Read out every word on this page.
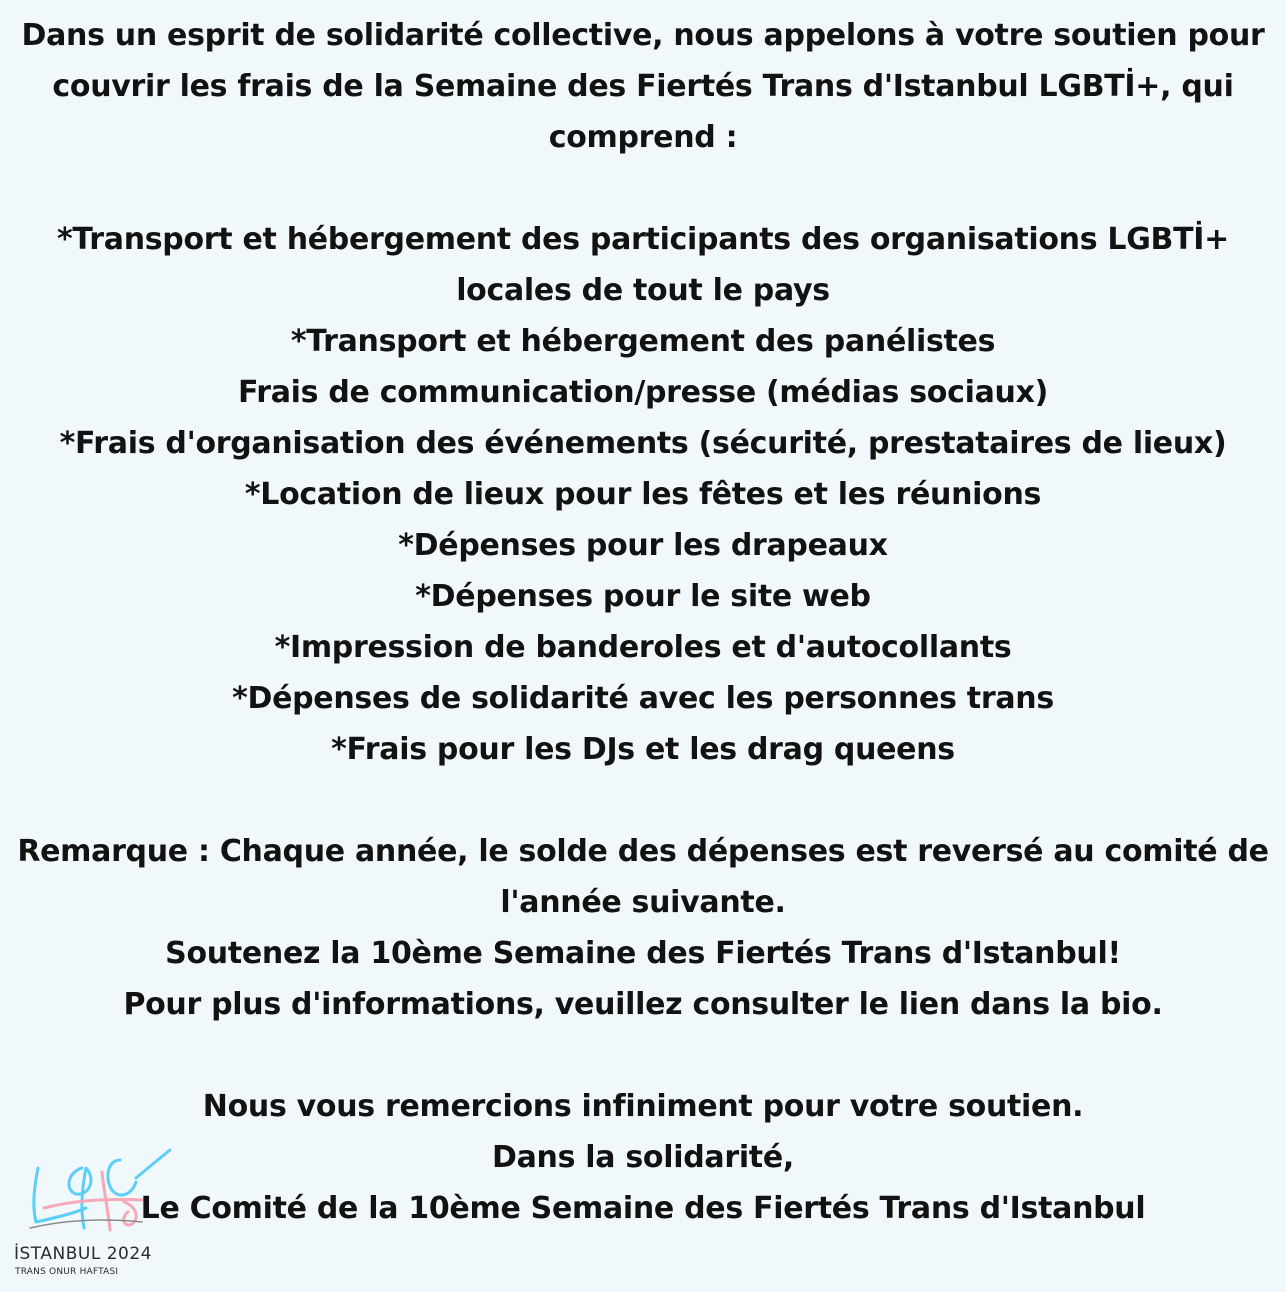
Dans un esprit de solidarité collective, nous appelons à votre soutien pour

couvrir les frais de la Semaine des Fiertés Trans d'Istanbul LGBTİ+, qui

comprend :

*Transport et hébergement des participants des organisations LGBTİ+

locales de tout le pays

*Transport et hébergement des panélistes

Frais de communication/presse (médias sociaux)

*Frais d'organisation des événements (sécurité, prestataires de lieux)

*Location de lieux pour les fêtes et les réunions

*Dépenses pour les drapeaux

*Dépenses pour le site web

*Impression de banderoles et d'autocollants

*Dépenses de solidarité avec les personnes trans

*Frais pour les DJs et les drag queens

Remarque : Chaque année, le solde des dépenses est reversé au comité de

l'année suivante.

Soutenez la 10ème Semaine des Fiertés Trans d'Istanbul!

Pour plus d'informations, veuillez consulter le lien dans la bio.

Nous vous remercions infiniment pour votre soutien.

Dans la solidarité,

Le Comité de la 10ème Semaine des Fiertés Trans d'Istanbul

İSTANBUL 2024
TRANS ONUR HAFTASI
